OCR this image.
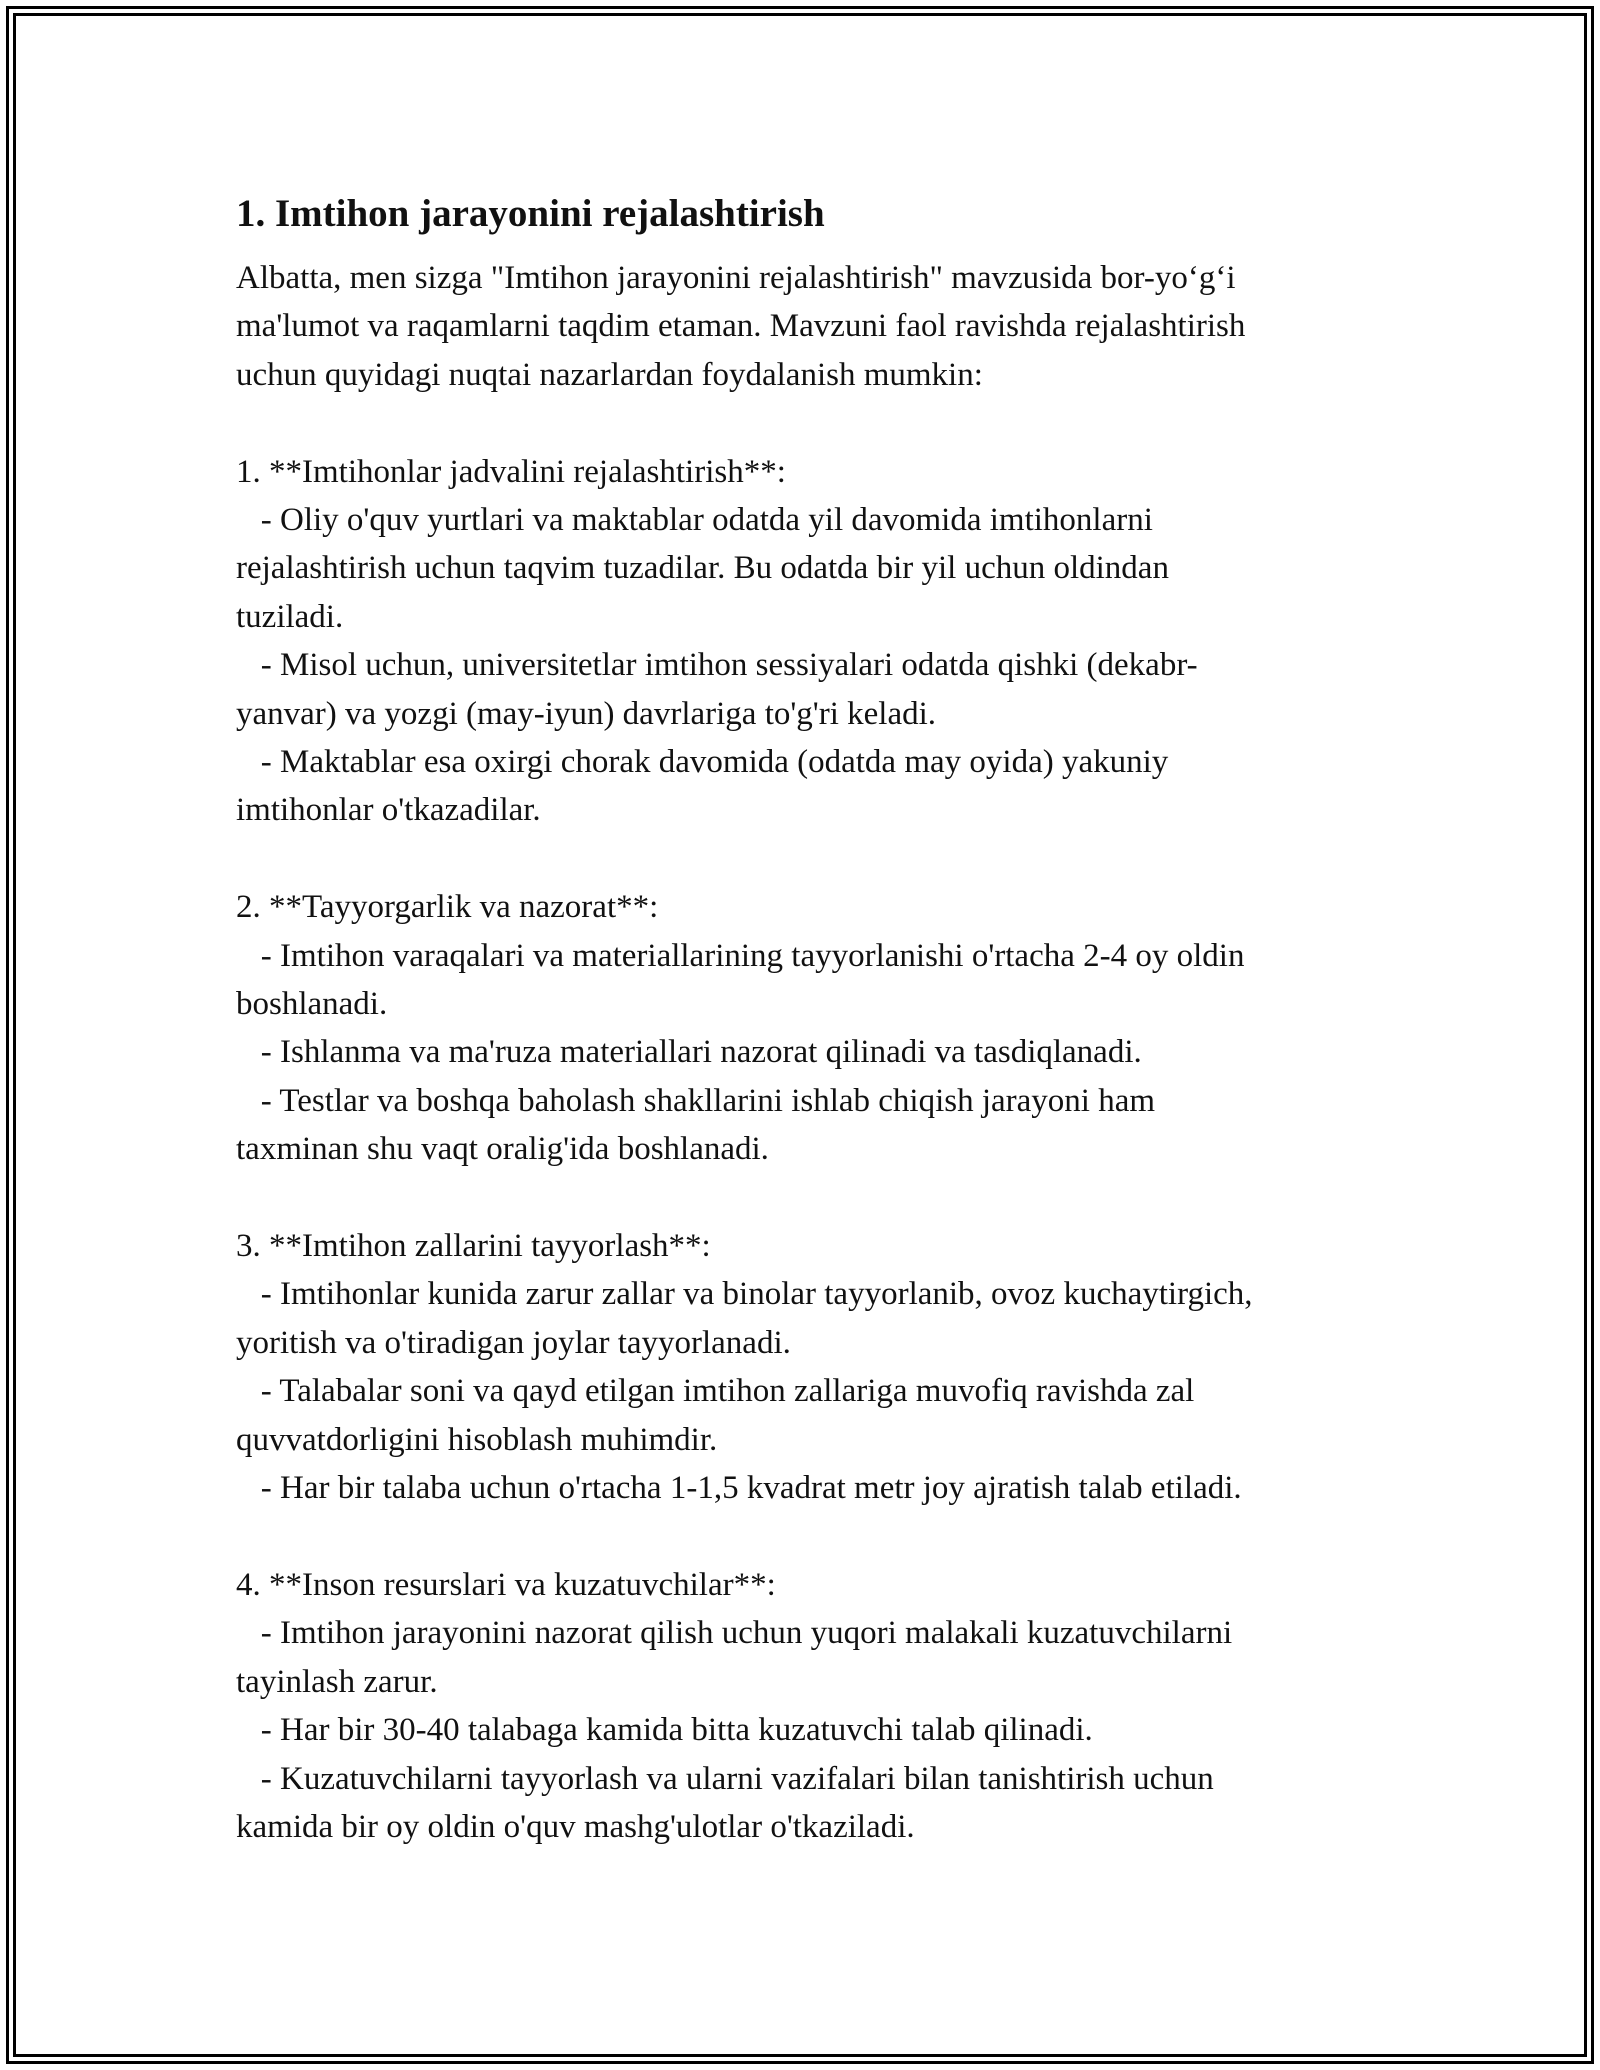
1. Imtihon jarayonini rejalashtirish

Albatta, men sizga "Imtihon jarayonini rejalashtirish" mavzusida bor-yo‘g‘i
ma'lumot va raqamlarni taqdim etaman. Mavzuni faol ravishda rejalashtirish
uchun quyidagi nuqtai nazarlardan foydalanish mumkin:

1. **Imtihonlar jadvalini rejalashtirish**:
- Oliy o'quv yurtlari va maktablar odatda yil davomida imtihonlarni
rejalashtirish uchun taqvim tuzadilar. Bu odatda bir yil uchun oldindan
tuziladi.
- Misol uchun, universitetlar imtihon sessiyalari odatda qishki (dekabr-
yanvar) va yozgi (may-iyun) davrlariga to'g'ri keladi.
- Maktablar esa oxirgi chorak davomida (odatda may oyida) yakuniy
imtihonlar o'tkazadilar.

2. **Tayyorgarlik va nazorat**:
- Imtihon varaqalari va materiallarining tayyorlanishi o'rtacha 2-4 oy oldin
boshlanadi.
- Ishlanma va ma'ruza materiallari nazorat qilinadi va tasdiqlanadi.
- Testlar va boshqa baholash shakllarini ishlab chiqish jarayoni ham
taxminan shu vaqt oralig'ida boshlanadi.

3. **Imtihon zallarini tayyorlash**:
- Imtihonlar kunida zarur zallar va binolar tayyorlanib, ovoz kuchaytirgich,
yoritish va o'tiradigan joylar tayyorlanadi.
- Talabalar soni va qayd etilgan imtihon zallariga muvofiq ravishda zal
quvvatdorligini hisoblash muhimdir.
- Har bir talaba uchun o'rtacha 1-1,5 kvadrat metr joy ajratish talab etiladi.

4. **Inson resurslari va kuzatuvchilar**:
- Imtihon jarayonini nazorat qilish uchun yuqori malakali kuzatuvchilarni
tayinlash zarur.
- Har bir 30-40 talabaga kamida bitta kuzatuvchi talab qilinadi.
- Kuzatuvchilarni tayyorlash va ularni vazifalari bilan tanishtirish uchun
kamida bir oy oldin o'quv mashg'ulotlar o'tkaziladi.
